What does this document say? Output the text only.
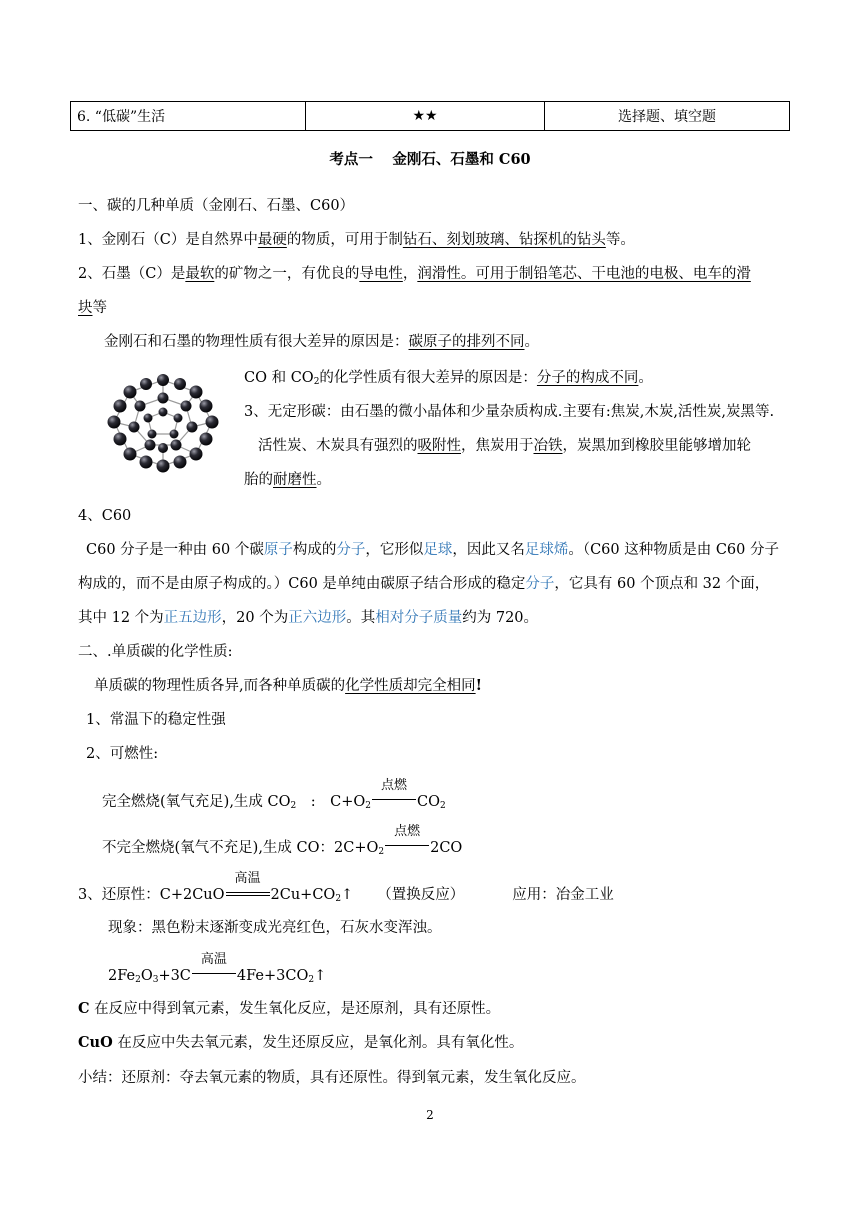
6. “低碳”生活	★★	选择题、填空题
考点一　 金刚石、石墨和 C60
一、碳的几种单质（金刚石、石墨、C60）
1、金刚石（C）是自然界中最硬的物质，可用于制钻石、刻划玻璃、钻探机的钻头等。
2、石墨（C）是最软的矿物之一，有优良的导电性，润滑性。可用于制铅笔芯、干电池的电极、电车的滑
块等
金刚石和石墨的物理性质有很大差异的原因是：碳原子的排列不同。
CO 和 $CO_2$的化学性质有很大差异的原因是：分子的构成不同。
3、无定形碳：由石墨的微小晶体和少量杂质构成.主要有:焦炭,木炭,活性炭,炭黑等.
活性炭、木炭具有强烈的吸附性，焦炭用于冶铁，炭黑加到橡胶里能够增加轮
胎的耐磨性。
4、C60
C60 分子是一种由 60 个碳原子构成的分子，它形似足球，因此又名足球烯。（C60 这种物质是由 C60 分子
构成的，而不是由原子构成的。）C60 是单纯由碳原子结合形成的稳定分子，它具有 60 个顶点和 32 个面，
其中 12 个为正五边形，20 个为正六边形。其相对分子质量约为 720。
二、.单质碳的化学性质:
单质碳的物理性质各异,而各种单质碳的化学性质却完全相同!
1、常温下的稳定性强
2、可燃性:
完全燃烧(氧气充足),生成 $CO_2$　:　$C+O_2$
点燃
$CO_2$
不完全燃烧(氧气不充足),生成 CO：$2C+O_2$
点燃
2CO
3、还原性：C+2CuO
高温
$2Cu+CO_2↑$ （置换反应）	应用：冶金工业
现象：黑色粉末逐渐变成光亮红色，石灰水变浑浊。
$2Fe_2O_3+3C$
高温
$4Fe+3CO_2↑$
C 在反应中得到氧元素，发生氧化反应，是还原剂，具有还原性。
CuO 在反应中失去氧元素，发生还原反应，是氧化剂。具有氧化性。
小结：还原剂：夺去氧元素的物质，具有还原性。得到氧元素，发生氧化反应。
2
